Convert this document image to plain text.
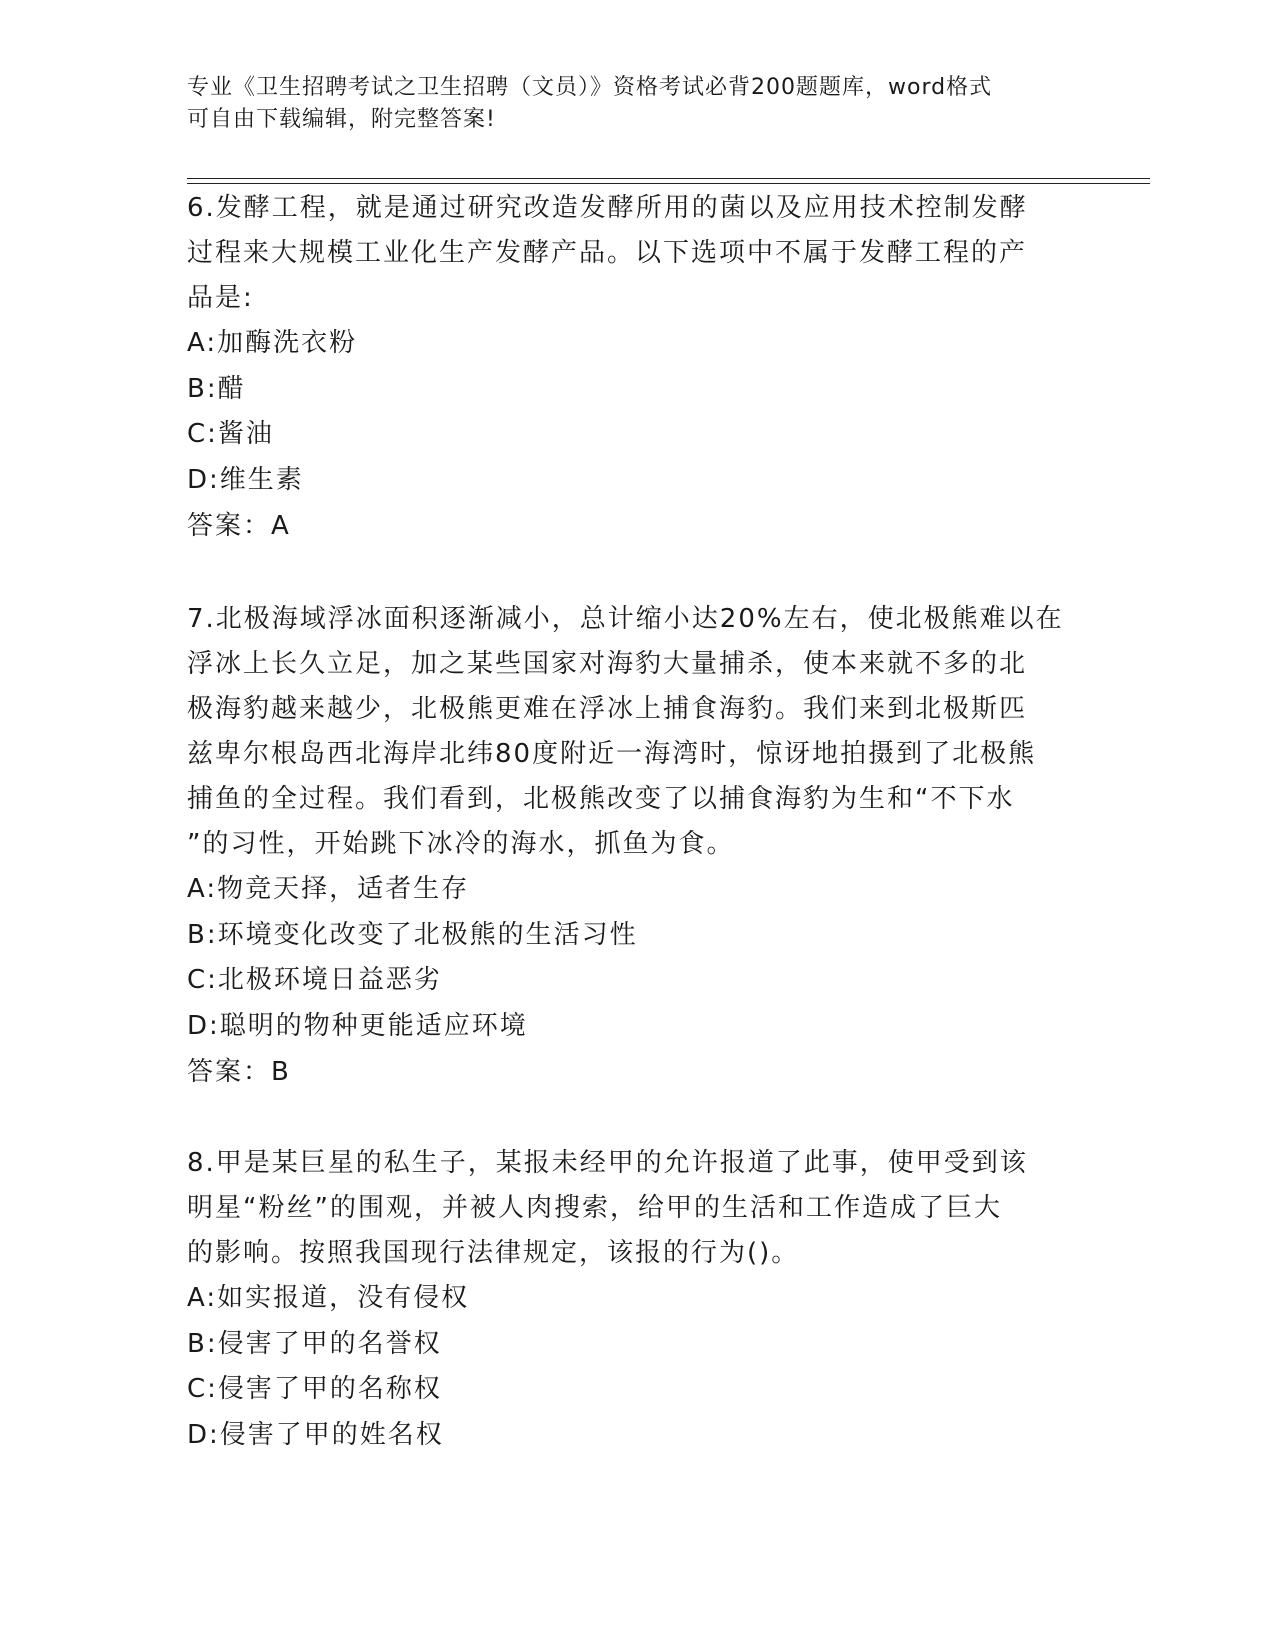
专业《卫生招聘考试之卫生招聘（文员）》资格考试必背200题题库，word格式
可自由下载编辑，附完整答案!
6.发酵工程，就是通过研究改造发酵所用的菌以及应用技术控制发酵
过程来大规模工业化生产发酵产品。以下选项中不属于发酵工程的产
品是:
A:加酶洗衣粉
B:醋
C:酱油
D:维生素
答案：A
7.北极海域浮冰面积逐渐减小，总计缩小达20%左右，使北极熊难以在
浮冰上长久立足，加之某些国家对海豹大量捕杀，使本来就不多的北
极海豹越来越少，北极熊更难在浮冰上捕食海豹。我们来到北极斯匹
兹卑尔根岛西北海岸北纬80度附近一海湾时，惊讶地拍摄到了北极熊
捕鱼的全过程。我们看到，北极熊改变了以捕食海豹为生和“不下水
”的习性，开始跳下冰冷的海水，抓鱼为食。
A:物竞天择，适者生存
B:环境变化改变了北极熊的生活习性
C:北极环境日益恶劣
D:聪明的物种更能适应环境
答案：B
8.甲是某巨星的私生子，某报未经甲的允许报道了此事，使甲受到该
明星“粉丝”的围观，并被人肉搜索，给甲的生活和工作造成了巨大
的影响。按照我国现行法律规定，该报的行为()。
A:如实报道，没有侵权
B:侵害了甲的名誉权
C:侵害了甲的名称权
D:侵害了甲的姓名权
